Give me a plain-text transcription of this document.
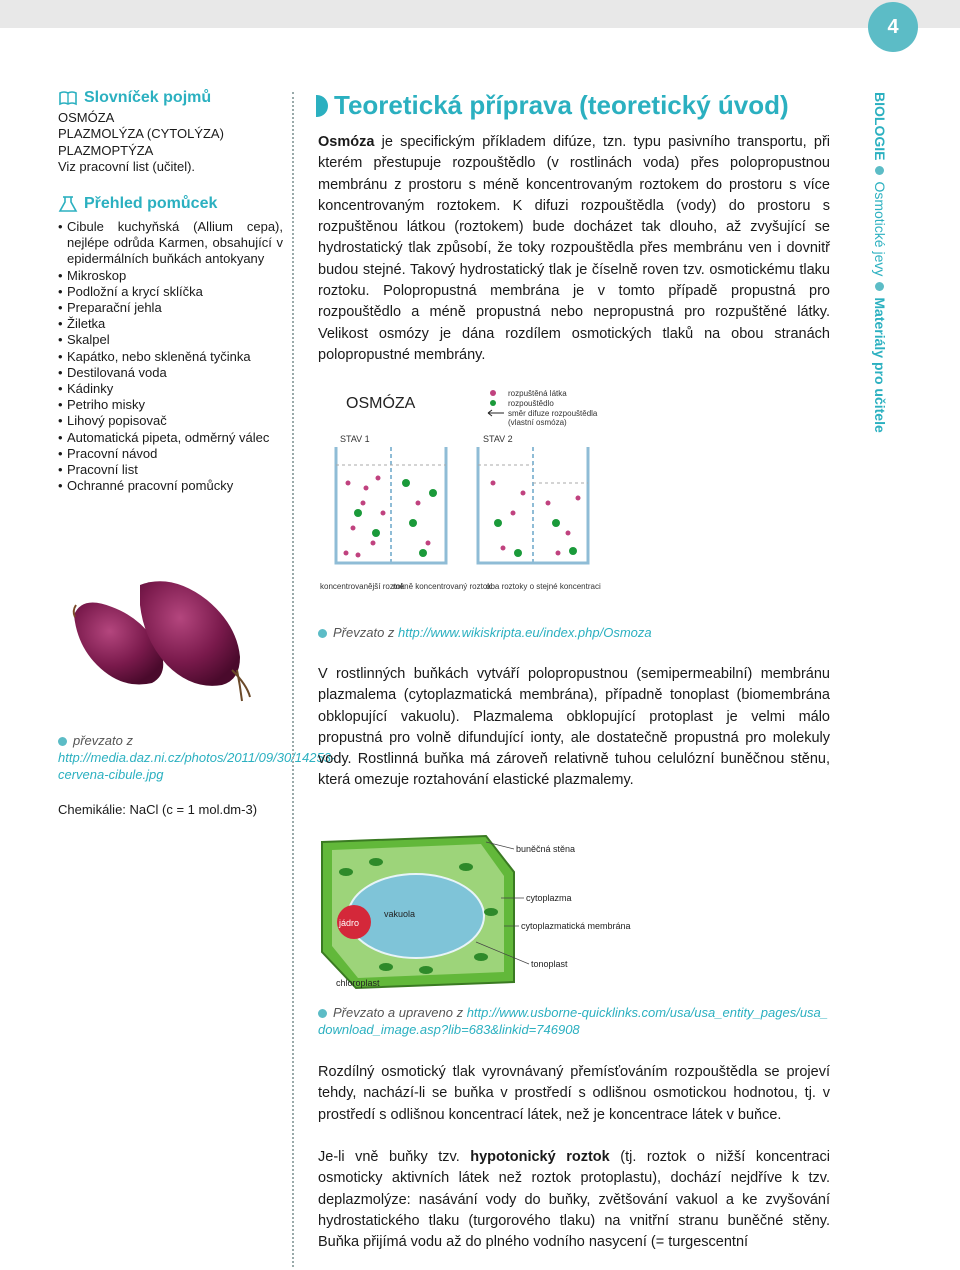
4
BIOLOGIE
Osmotické jevy
Materiály pro učitele
Slovníček pojmů
OSMÓZA
PLAZMOLÝZA (CYTOLÝZA)
PLAZMOPTÝZA
Viz pracovní list (učitel).
Přehled pomůcek
• Cibule kuchyňská (Allium cepa), nejlépe odrůda Karmen, obsahující v epidermálních buňkách antokyany
• Mikroskop
• Podložní a krycí sklíčka
• Preparační jehla
• Žiletka
• Skalpel
• Kapátko, nebo skleněná tyčinka
• Destilovaná voda
• Kádinky
• Petriho misky
• Lihový popisovač
• Automatická pipeta, odměrný válec
• Pracovní návod
• Pracovní list
• Ochranné pracovní pomůcky
převzato z http://media.daz.ni.cz/photos/2011/09/30/14253-cervena-cibule.jpg
Chemikálie: NaCl (c = 1 mol.dm-3)
Teoretická příprava (teoretický úvod)
Osmóza je specifickým příkladem difúze, tzn. typu pasivního transportu, při kterém přestupuje rozpouštědlo (v rostlinách voda) přes polopropustnou membránu z prostoru s méně koncentrovaným roztokem do prostoru s více koncentrovaným roztokem. K difuzi rozpouštědla (vody) do prostoru s rozpuštěnou látkou (roztokem) bude docházet tak dlouho, až zvyšující se hydrostatický tlak způsobí, že toky rozpouštědla přes membránu ven i dovnitř budou stejné. Takový hydrostatický tlak je číselně roven tzv. osmotickému tlaku roztoku. Polopropustná membrána je v tomto případě propustná pro rozpouštědlo a méně propustná nebo nepropustná pro rozpuštěné látky. Velikost osmózy je dána rozdílem osmotických tlaků na obou stranách polopropustné membrány.
OSMÓZA
STAV 1	STAV 2
rozpuštěná látka
rozpouštědlo
směr difuze rozpouštědla
(vlastní osmóza)
koncentrovanější roztok
méně koncentrovaný roztok
oba roztoky o stejné koncentraci
Převzato z http://www.wikiskripta.eu/index.php/Osmoza
V rostlinných buňkách vytváří polopropustnou (semipermeabilní) membránu plazmalema (cytoplazmatická membrána), případně tonoplast (biomembrána obklopující vakuolu). Plazmalema obklopující protoplast je velmi málo propustná pro volně difundující ionty, ale dostatečně propustná pro molekuly vody. Rostlinná buňka má zároveň relativně tuhou celulózní buněčnou stěnu, která omezuje roztahování elastické plazmalemy.
jádro
vakuola
buněčná stěna
cytoplazma
cytoplazmatická membrána
tonoplast
chloroplast
Převzato a upraveno z http://www.usborne-quicklinks.com/usa/usa_entity_pages/usa_ download_image.asp?lib=683&linkid=746908
Rozdílný osmotický tlak vyrovnávaný přemísťováním rozpouštědla se projeví tehdy, nachází-li se buňka v prostředí s odlišnou osmotickou hodnotou, tj. v prostředí s odlišnou koncentrací látek, než je koncentrace látek v buňce.
Je-li vně buňky tzv. hypotonický roztok (tj. roztok o nižší koncentraci osmoticky aktivních látek než roztok protoplastu), dochází nejdříve k tzv. deplazmolýze: nasávání vody do buňky, zvětšování vakuol a ke zvyšování hydrostatického tlaku (turgorového tlaku) na vnitřní stranu buněčné stěny. Buňka přijímá vodu až do plného vodního nasycení (= turgescentní
